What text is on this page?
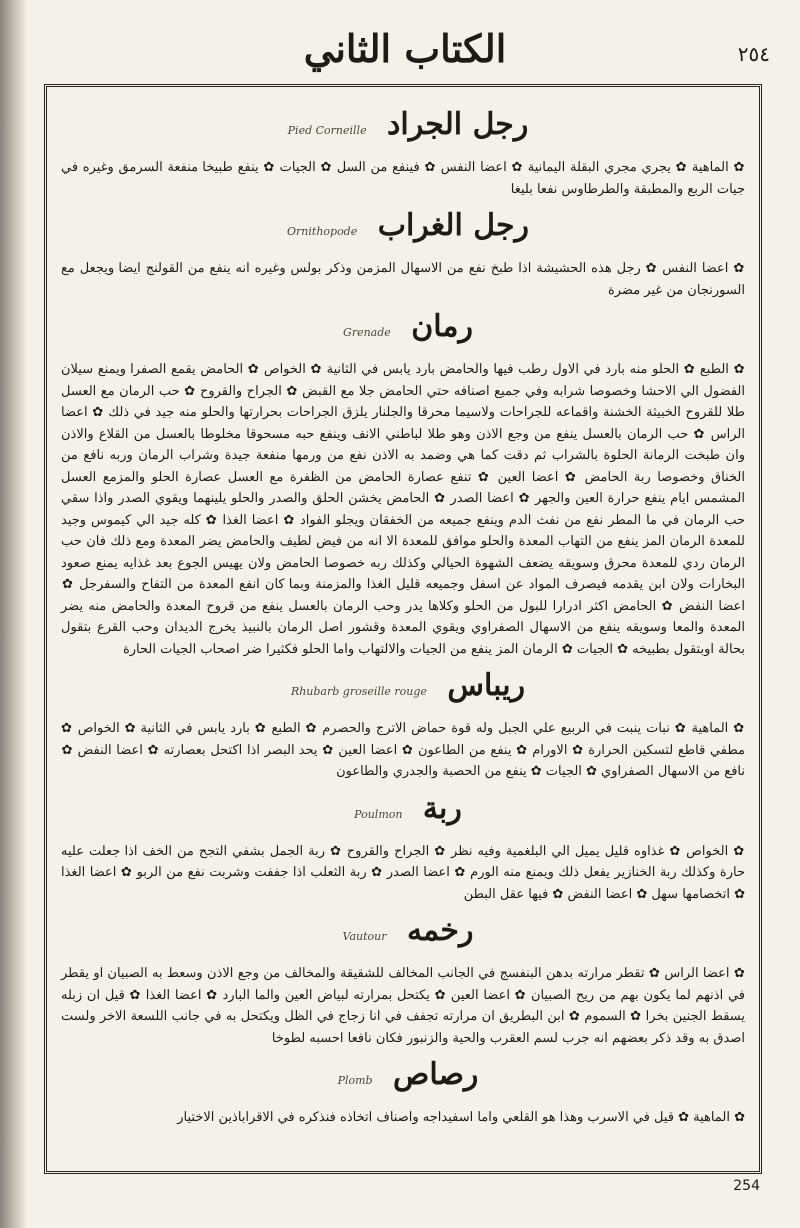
الكتاب الثاني	٢٥٤
رجل الجراد Pied Corneille
✿ الماهية ✿ يجري مجري البقلة اليمانية ✿ اعضا النفس ✿ فينفع من السل ✿ الجيات ✿ ينفع طبيخا منفعة السرمق وغيره في جيات الربع والمطبقة والطرطاوس نفعا بليغا
رجل الغراب Ornithopode
✿ اعضا النفس ✿ رجل هذه الحشيشة اذا طبخ نفع من الاسهال المزمن وذكر بولس وغيره انه ينفع من القولنج ايضا ويجعل مع السورنجان من غير مضرة
رمان Grenade
✿ الطبع ✿ الحلو منه بارد في الاول رطب فيها والحامض بارد يابس في الثانية ✿ الخواص ✿ الحامض يقمع الصفرا ويمنع سيلان الفضول الي الاحشا وخصوصا شرابه وفي جميع اصنافه حتي الحامض جلا مع القبض ✿ الجراح والقروح ✿ حب الرمان مع العسل طلا للقروح الخبيثة الخشنة واقماعه للجراحات ولاسيما محرقا والجلنار يلزق الجراحات بحرارتها والحلو منه جيد في ذلك ✿ اعضا الراس ✿ حب الرمان بالعسل ينفع من وجع الاذن وهو طلا لباطني الانف وينفع حبه مسحوقا مخلوطا بالعسل من القلاع والاذن وان طبخت الرمانة الحلوة بالشراب ثم دقت كما هي وضمد به الاذن نفع من ورمها منفعة جيدة وشراب الرمان وربه نافع من الخناق وخصوصا ربة الحامض ✿ اعضا العين ✿ تنفع عصارة الحامض من الظفرة مع العسل عصارة الحلو والمزمع العسل المشمس ايام ينفع حرارة العين والجهر ✿ اعضا الصدر ✿ الحامض يخشن الحلق والصدر والحلو يلينهما ويقوي الصدر واذا سقي حب الرمان في ما المطر نفع من نفث الدم وينفع جميعه من الخفقان ويجلو الفواد ✿ اعضا الغذا ✿ كله جيد الي كيموس وجيد للمعدة الرمان المز ينفع من التهاب المعدة والحلو موافق للمعدة الا انه من فيض لطيف والحامض يضر المعدة ومع ذلك فان حب الرمان ردي للمعدة محرق وسويقه يضعف الشهوة الحيالي وكذلك ربه خصوصا الحامض ولان يهيس الجوع بعد غذايه يمنع صعود البخارات ولان ابن يقدمه فيصرف المواد عن اسفل وجميعه قليل الغذا والمزمنة وبما كان انفع المعدة من التفاح والسفرجل ✿ اعضا النفض ✿ الحامض اكثر ادرارا للبول من الحلو وكلاها يدر وحب الرمان بالعسل ينفع من قروح المعدة والحامض منه يضر المعدة والمعا وسويقه ينفع من الاسهال الصفراوي ويقوي المعدة وقشور اصل الرمان بالنبيذ يخرج الديدان وحب القرع بتقول بحالة اوبتقول بطبيخه ✿ الجيات ✿ الرمان المز ينفع من الجيات والالتهاب واما الحلو فكثيرا ضر اصحاب الجيات الحارة
ريباس Rhubarb groseille rouge
✿ الماهية ✿ نبات ينبت في الربيع علي الجبل وله قوة حماض الاترج والحصرم ✿ الطبع ✿ بارد يابس في الثانية ✿ الخواص ✿ مطفي قاطع لتسكين الحرارة ✿ الاورام ✿ ينفع من الطاعون ✿ اعضا العين ✿ يحد البصر اذا اكتحل بعصارته ✿ اعضا النفض ✿ نافع من الاسهال الصفراوي ✿ الجيات ✿ ينفع من الحصبة والجدري والطاعون
ربة Poulmon
✿ الخواص ✿ غذاوه قليل يميل الي البلغمية وفيه نظر ✿ الجراح والقروح ✿ ربة الجمل بشفي التجح من الخف اذا جعلت عليه حارة وكذلك ربة الخنازير يفعل ذلك ويمنع منه الورم ✿ اعضا الصدر ✿ ربة الثعلب اذا جففت وشربت نفع من الربو ✿ اعضا الغذا ✿ اتخصامها سهل ✿ اعضا النفض ✿ فيها عقل البطن
رخمه Vautour
✿ اعضا الراس ✿ تقطر مرارته بدهن البنفسج في الجانب المخالف للشقيقة والمخالف من وجع الاذن وسعط به الصبيان او يقطر في اذنهم لما يكون بهم من ريح الصبيان ✿ اعضا العين ✿ يكتحل بمرارته لبياض العين والما البارد ✿ اعضا الغذا ✿ قيل ان زبله يسقط الجنين بخرا ✿ السموم ✿ ابن البطريق ان مرارته تجفف في انا زجاج في الظل ويكتحل به في جانب اللسعة الاخر ولست اصدق به وقد ذكر بعضهم انه جرب لسم العقرب والحية والزنبور فكان نافعا احسبه لطوخا
رصاص Plomb
✿ الماهية ✿ قيل في الاسرب وهذا هو القلعي واما اسفيداجه واصناف اتخاذه فنذكره في الاقراباذين الاختيار
254
